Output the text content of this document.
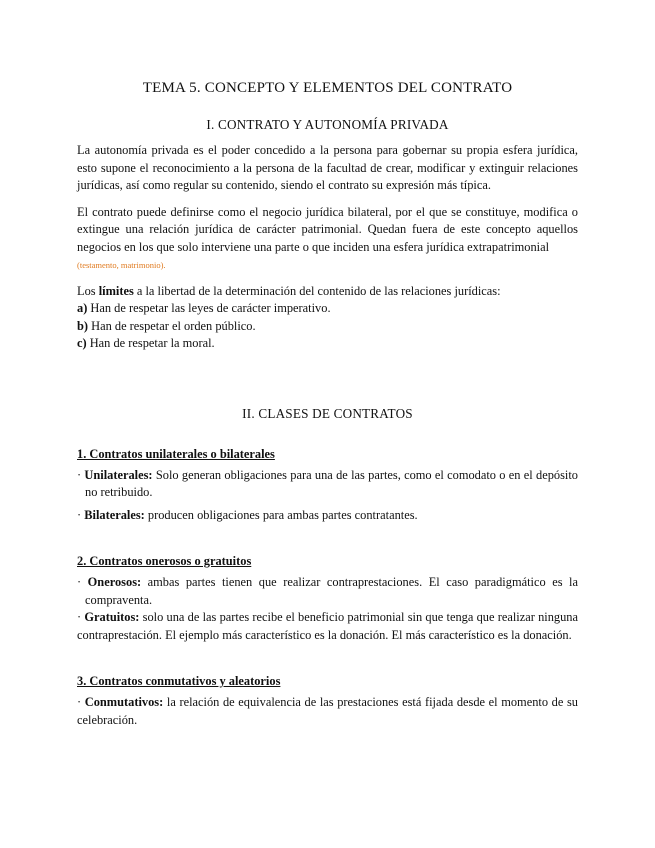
TEMA 5. CONCEPTO Y ELEMENTOS DEL CONTRATO
I. CONTRATO Y AUTONOMÍA PRIVADA

La autonomía privada es el poder concedido a la persona para gobernar su propia esfera jurídica, esto supone el reconocimiento a la persona de la facultad de crear, modificar y extinguir relaciones jurídicas, así como regular su contenido, siendo el contrato su expresión más típica.

El contrato puede definirse como el negocio jurídica bilateral, por el que se constituye, modifica o extingue una relación jurídica de carácter patrimonial. Quedan fuera de este concepto aquellos negocios en los que solo interviene una parte o que inciden una esfera jurídica extrapatrimonial
(testamento, matrimonio).

Los límites a la libertad de la determinación del contenido de las relaciones jurídicas:

a) Han de respetar las leyes de carácter imperativo.

b) Han de respetar el orden público.

c) Han de respetar la moral.

II. CLASES DE CONTRATOS
1. Contratos unilaterales o bilaterales

· Unilaterales: Solo generan obligaciones para una de las partes, como el comodato o en el depósito no retribuido.

· Bilaterales: producen obligaciones para ambas partes contratantes.

2. Contratos onerosos o gratuitos

· Onerosos: ambas partes tienen que realizar contraprestaciones. El caso paradigmático es la compraventa.

· Gratuitos: solo una de las partes recibe el beneficio patrimonial sin que tenga que realizar ninguna contraprestación. El ejemplo más característico es la donación. El más característico es la donación.

3. Contratos conmutativos y aleatorios

· Conmutativos: la relación de equivalencia de las prestaciones está fijada desde el momento de su celebración.
